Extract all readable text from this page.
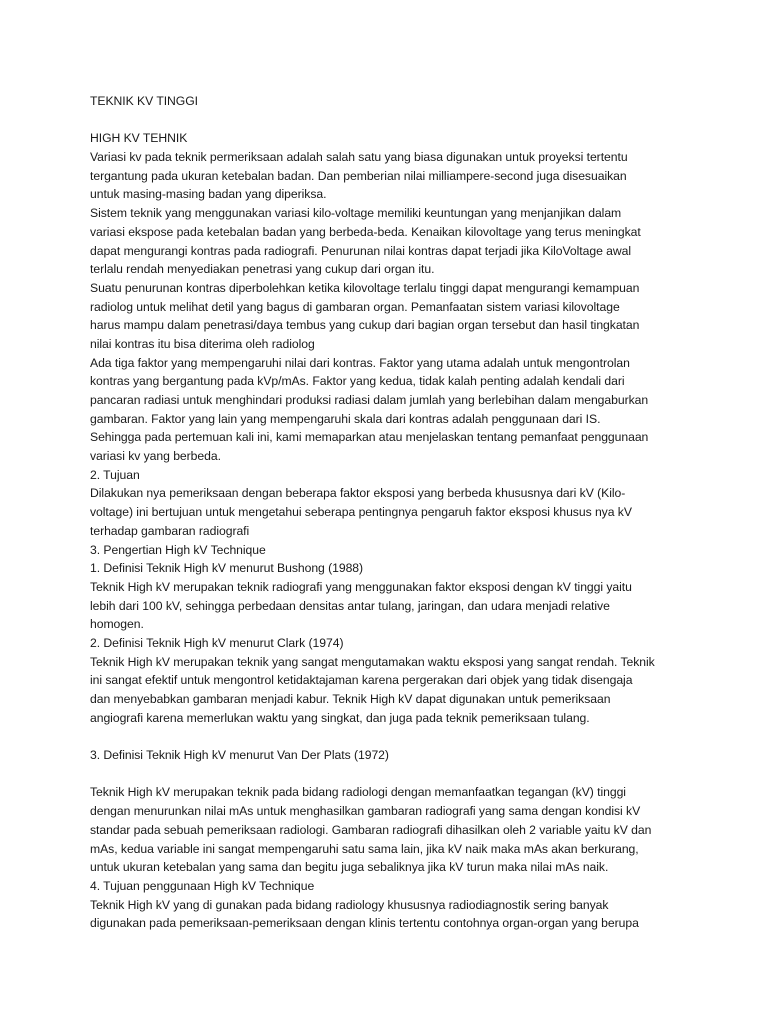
TEKNIK KV TINGGI
HIGH KV TEHNIK
Variasi kv pada teknik permeriksaan adalah salah satu yang biasa digunakan untuk proyeksi tertentu
tergantung pada ukuran ketebalan badan. Dan pemberian nilai milliampere-second juga disesuaikan
untuk masing-masing badan yang diperiksa.
Sistem teknik yang menggunakan variasi kilo-voltage memiliki keuntungan yang menjanjikan dalam
variasi ekspose pada ketebalan badan yang berbeda-beda. Kenaikan kilovoltage yang terus meningkat
dapat mengurangi kontras pada radiografi. Penurunan nilai kontras dapat terjadi jika KiloVoltage awal
terlalu rendah menyediakan penetrasi yang cukup dari organ itu.
Suatu penurunan kontras diperbolehkan ketika kilovoltage terlalu tinggi dapat mengurangi kemampuan
radiolog untuk melihat detil yang bagus di gambaran organ. Pemanfaatan sistem variasi kilovoltage
harus mampu dalam penetrasi/daya tembus yang cukup dari bagian organ tersebut dan hasil tingkatan
nilai kontras itu bisa diterima oleh radiolog
Ada tiga faktor yang mempengaruhi nilai dari kontras. Faktor yang utama adalah untuk mengontrolan
kontras yang bergantung pada kVp/mAs. Faktor yang kedua, tidak kalah penting adalah kendali dari
pancaran radiasi untuk menghindari produksi radiasi dalam jumlah yang berlebihan dalam mengaburkan
gambaran. Faktor yang lain yang mempengaruhi skala dari kontras adalah penggunaan dari IS.
Sehingga pada pertemuan kali ini, kami memaparkan atau menjelaskan tentang pemanfaat penggunaan
variasi kv yang berbeda.
2. Tujuan
Dilakukan nya pemeriksaan dengan beberapa faktor eksposi yang berbeda khususnya dari kV (Kilo-
voltage) ini bertujuan untuk mengetahui seberapa pentingnya pengaruh faktor eksposi khusus nya kV
terhadap gambaran radiografi
3. Pengertian High kV Technique
1. Definisi Teknik High kV menurut Bushong (1988)
Teknik High kV merupakan teknik radiografi yang menggunakan faktor eksposi dengan kV tinggi yaitu
lebih dari 100 kV, sehingga perbedaan densitas antar tulang, jaringan, dan udara menjadi relative
homogen.
2. Definisi Teknik High kV menurut Clark (1974)
Teknik High kV merupakan teknik yang sangat mengutamakan waktu eksposi yang sangat rendah. Teknik
ini sangat efektif untuk mengontrol ketidaktajaman karena pergerakan dari objek yang tidak disengaja
dan menyebabkan gambaran menjadi kabur. Teknik High kV dapat digunakan untuk pemeriksaan
angiografi karena memerlukan waktu yang singkat, dan juga pada teknik pemeriksaan tulang.
3. Definisi Teknik High kV menurut Van Der Plats (1972)
Teknik High kV merupakan teknik pada bidang radiologi dengan memanfaatkan tegangan (kV) tinggi
dengan menurunkan nilai mAs untuk menghasilkan gambaran radiografi yang sama dengan kondisi kV
standar pada sebuah pemeriksaan radiologi. Gambaran radiografi dihasilkan oleh 2 variable yaitu kV dan
mAs, kedua variable ini sangat mempengaruhi satu sama lain, jika kV naik maka mAs akan berkurang,
untuk ukuran ketebalan yang sama dan begitu juga sebaliknya jika kV turun maka nilai mAs naik.
4. Tujuan penggunaan High kV Technique
Teknik High kV yang di gunakan pada bidang radiology khususnya radiodiagnostik sering banyak
digunakan pada pemeriksaan-pemeriksaan dengan klinis tertentu contohnya organ-organ yang berupa
